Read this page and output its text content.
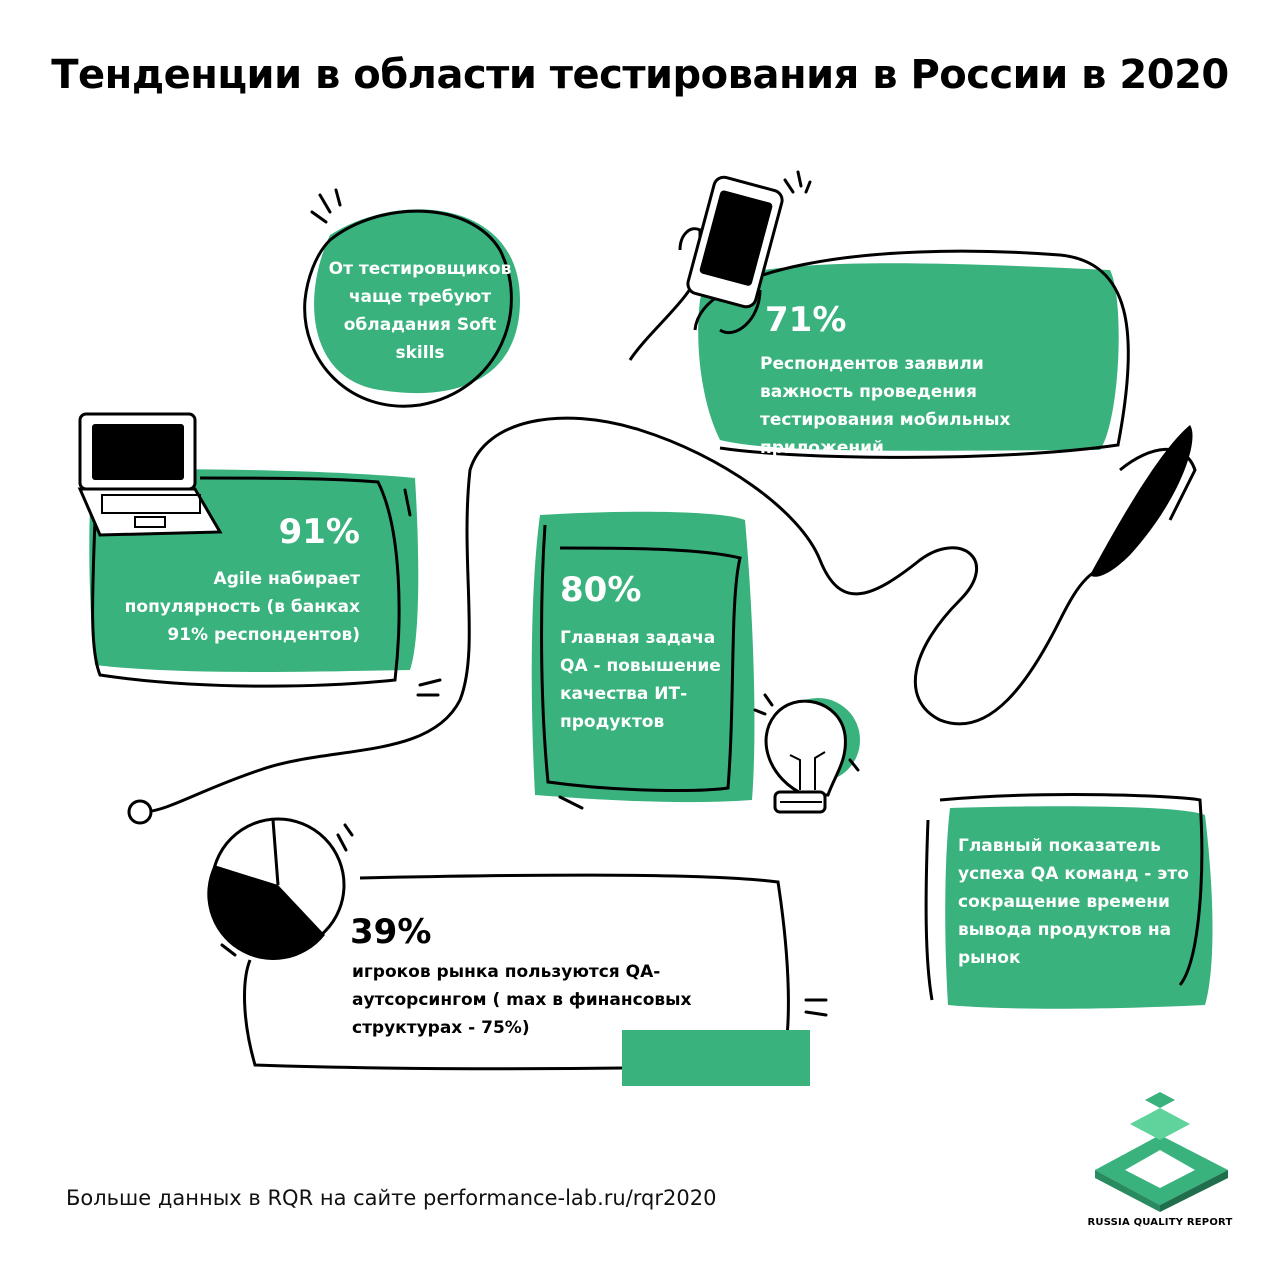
Тенденции в области тестирования в России в 2020
От тестировщиков чаще требуют обладания Soft skills
71%
Респондентов заявили важность проведения тестирования мобильных приложений
91%
Agile набирает популярность (в банках 91% респондентов)
80%
Главная задача QA - повышение качества ИТ-продуктов
39%
игроков рынка пользуются QA-аутсорсингом ( max в финансовых структурах - 75%)
Главный показатель успеха QA команд - это сокращение времени вывода продуктов на рынок
Больше данных в RQR на сайте performance-lab.ru/rqr2020
RUSSIA QUALITY REPORT
